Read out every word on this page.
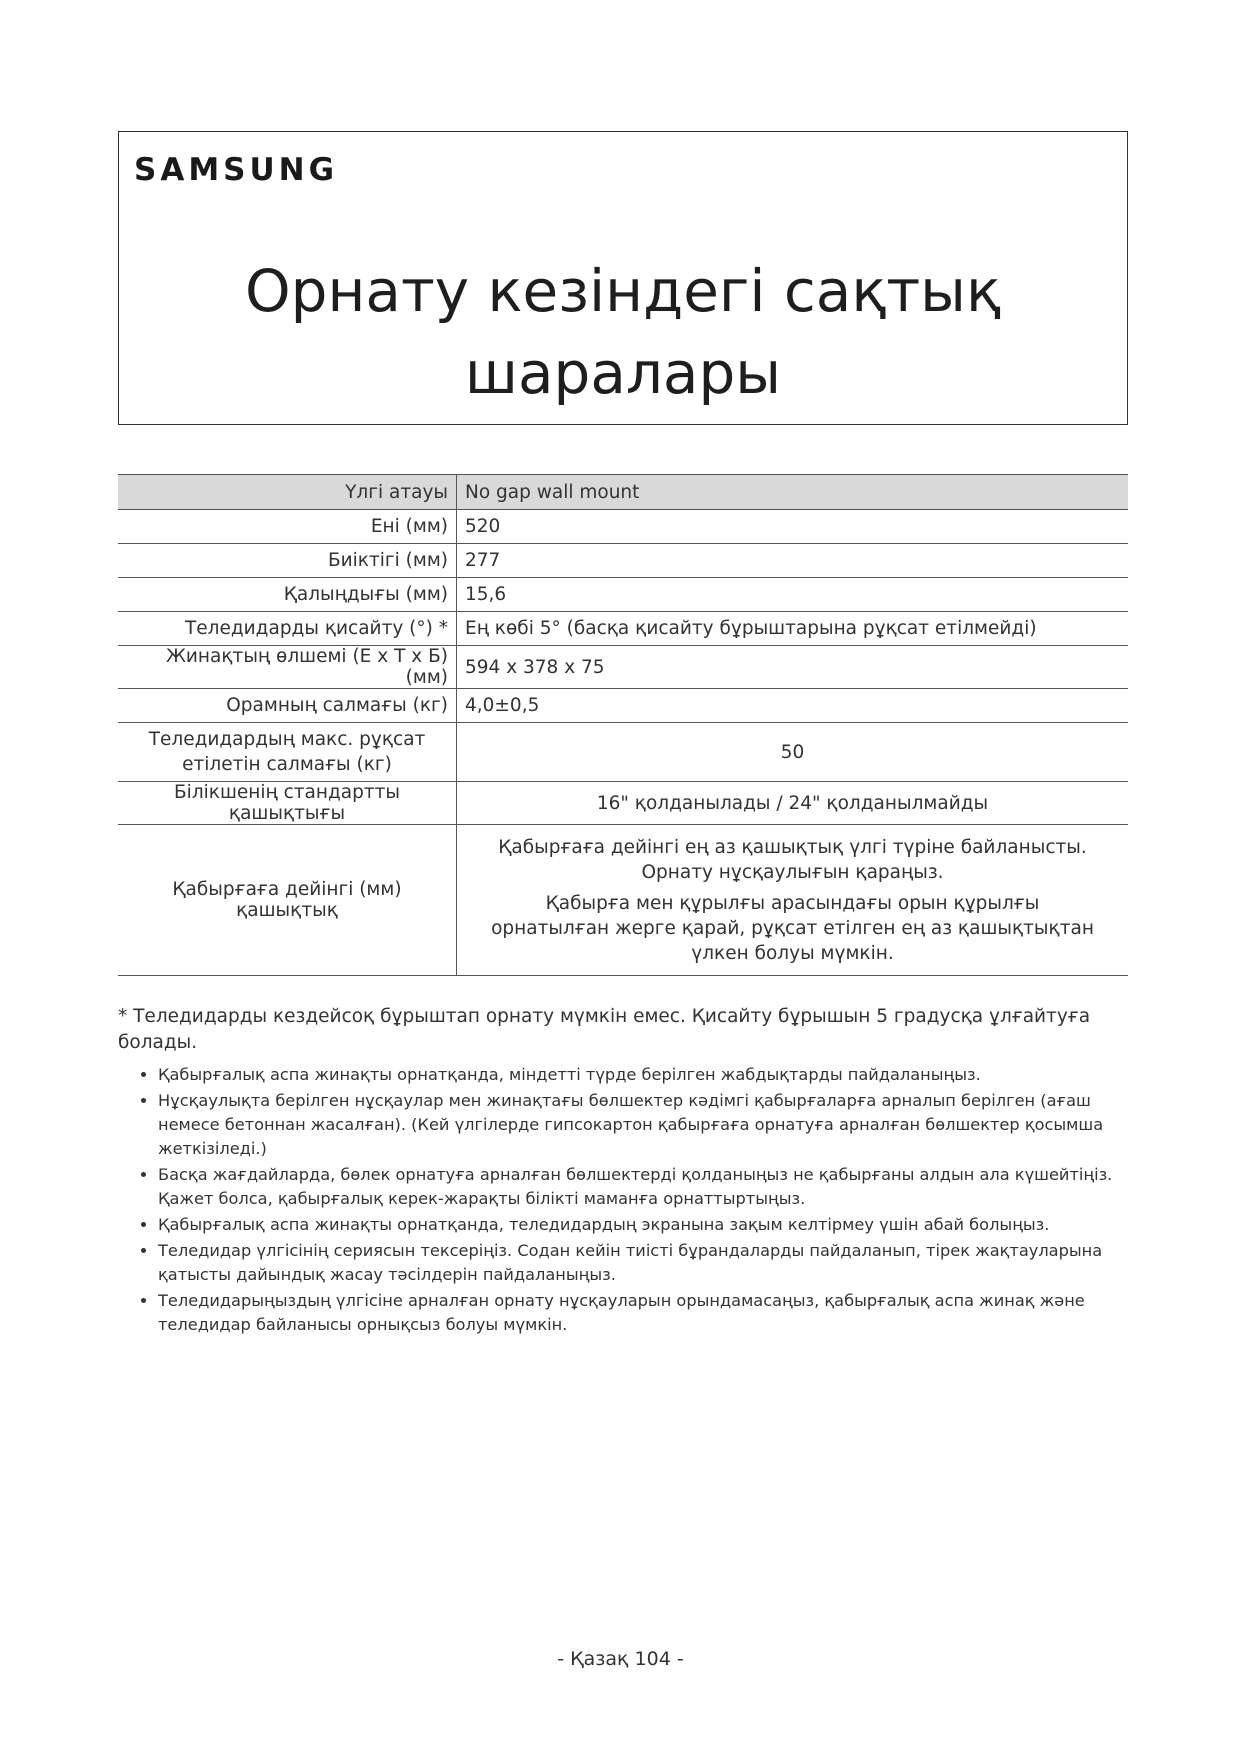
SAMSUNG
Орнату кезіндегі сақтық
шаралары
Үлгі атауы	No gap wall mount
Ені (мм)	520
Биіктігі (мм)	277
Қалыңдығы (мм)	15,6
Теледидарды қисайту (°) *	Ең көбі 5° (басқа қисайту бұрыштарына рұқсат етілмейді)
Жинақтың өлшемі (Е x Т x Б) (мм)	594 x 378 x 75
Орамның салмағы (кг)	4,0±0,5
Теледидардың макс. рұқсат етілетін салмағы (кг)	50
Білікшенің стандартты қашықтығы	16" қолданылады / 24" қолданылмайды
Қабырғаға дейінгі (мм) қашықтық	Қабырғаға дейінгі ең аз қашықтық үлгі түріне байланысты. Орнату нұсқаулығын қараңыз.

Қабырға мен құрылғы арасындағы орын құрылғы орнатылған жерге қарай, рұқсат етілген ең аз қашықтықтан үлкен болуы мүмкін.

* Теледидарды кездейсоқ бұрыштап орнату мүмкін емес. Қисайту бұрышын 5 градусқа ұлғайтуға болады.
• Қабырғалық аспа жинақты орнатқанда, міндетті түрде берілген жабдықтарды пайдаланыңыз.
• Нұсқаулықта берілген нұсқаулар мен жинақтағы бөлшектер кәдімгі қабырғаларға арналып берілген (ағаш немесе бетоннан жасалған). (Кей үлгілерде гипсокартон қабырғаға орнатуға арналған бөлшектер қосымша жеткізіледі.)
• Басқа жағдайларда, бөлек орнатуға арналған бөлшектерді қолданыңыз не қабырғаны алдын ала күшейтіңіз. Қажет болса, қабырғалық керек-жарақты білікті маманға орнаттыртыңыз.
• Қабырғалық аспа жинақты орнатқанда, теледидардың экранына зақым келтірмеу үшін абай болыңыз.
• Теледидар үлгісінің сериясын тексеріңіз. Содан кейін тиісті бұрандаларды пайдаланып, тірек жақтауларына қатысты дайындық жасау тәсілдерін пайдаланыңыз.
• Теледидарыңыздың үлгісіне арналған орнату нұсқауларын орындамасаңыз, қабырғалық аспа жинақ және теледидар байланысы орнықсыз болуы мүмкін.
- Қазақ 104 -
